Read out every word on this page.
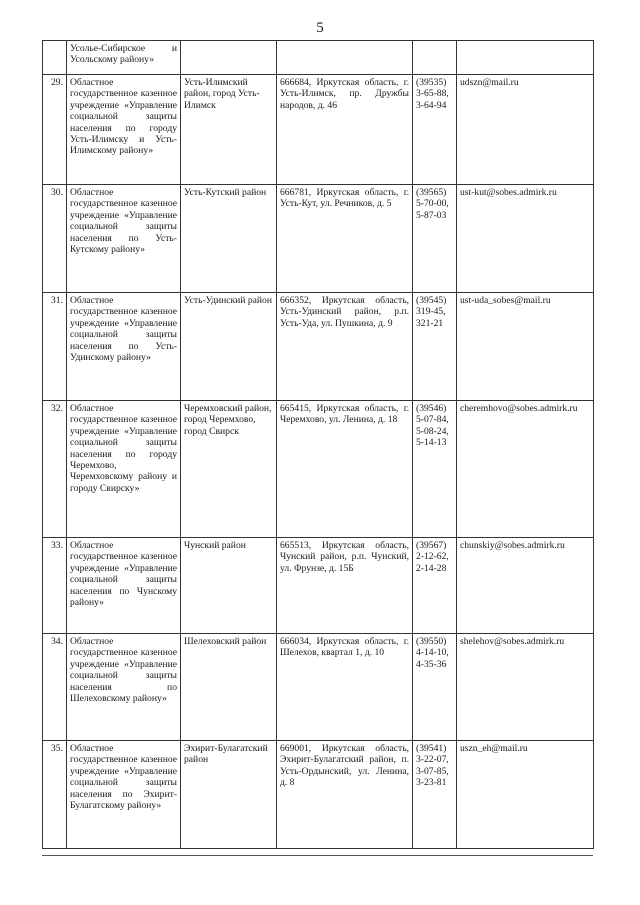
5
	Усолье-Сибирское и Усольскому району»				
29.	Областное государственное казенное учреждение «Управление социальной защиты населения по городу Усть-Илимску и Усть-Илимскому району»	Усть-Илимский район, город Усть-Илимск	666684, Иркутская область, г. Усть-Илимск, пр. Дружбы народов, д. 46	(39535)
3-65-88,
3-64-94	udszn@mail.ru
30.	Областное государственное казенное учреждение «Управление социальной защиты населения по Усть-Кутскому району»	Усть-Кутский район	666781, Иркутская область, г. Усть-Кут, ул. Речников, д. 5	(39565)
5-70-00,
5-87-03	ust-kut@sobes.admirk.ru
31.	Областное государственное казенное учреждение «Управление социальной защиты населения по Усть-Удинскому району»	Усть-Удинский район	666352, Иркутская область, Усть-Удинский район, р.п. Усть-Уда, ул. Пушкина, д. 9	(39545)
319-45,
321-21	ust-uda_sobes@mail.ru
32.	Областное государственное казенное учреждение «Управление социальной защиты населения по городу Черемхово, Черемховскому району и городу Свирску»	Черемховский район, город Черемхово, город Свирск	665415, Иркутская область, г. Черемхово, ул. Ленина, д. 18	(39546)
5-07-84,
5-08-24,
5-14-13	cheremhovo@sobes.admirk.ru
33.	Областное государственное казенное учреждение «Управление социальной защиты населения по Чунскому району»	Чунский район	665513, Иркутская область, Чунский район, р.п. Чунский, ул. Фрунзе, д. 15Б	(39567)
2-12-62,
2-14-28	chunskiy@sobes.admirk.ru
34.	Областное государственное казенное учреждение «Управление социальной защиты населения по Шелеховскому району»	Шелеховский район	666034, Иркутская область, г. Шелехов, квартал 1, д. 10	(39550)
4-14-10,
4-35-36	shelehov@sobes.admirk.ru
35.	Областное государственное казенное учреждение «Управление социальной защиты населения по Эхирит-Булагатскому району»	Эхирит-Булагатский район	669001, Иркутская область, Эхирит-Булагатский район, п. Усть-Ордынский, ул. Ленина, д. 8	(39541)
3-22-07,
3-07-85,
3-23-81	uszn_eh@mail.ru
